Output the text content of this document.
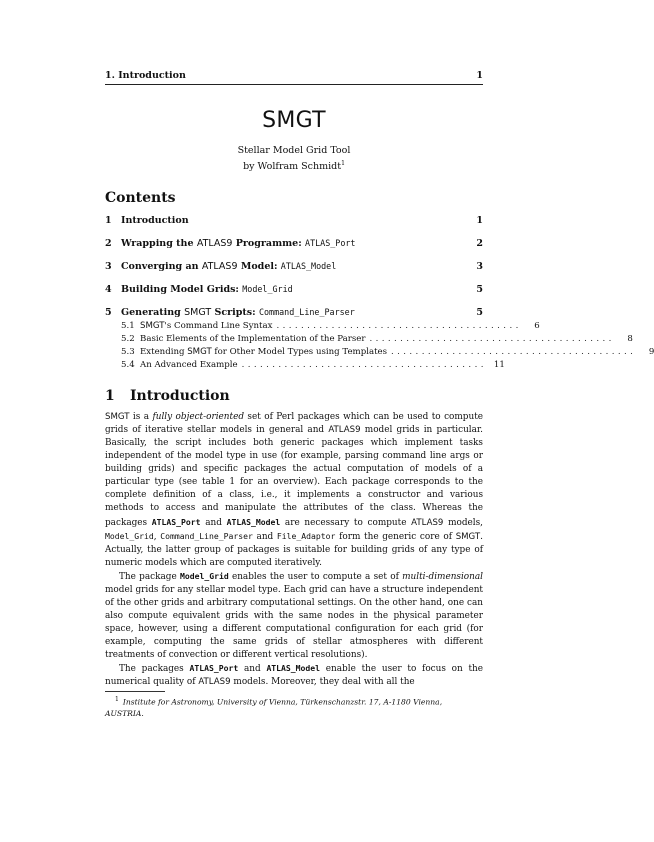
1. Introduction	1
SMGT
Stellar Model Grid Tool
by Wolfram Schmidt$^1$
Contents
1 Introduction	1
2 Wrapping the ATLAS9 Programme: ATLAS_Port	2
3 Converging an ATLAS9 Model: ATLAS_Model	3
4 Building Model Grids: Model_Grid	5
5 Generating SMGT Scripts: Command_Line_Parser	5
5.1 SMGT's Command Line Syntax ........................................	6
5.2 Basic Elements of the Implementation of the Parser ........................................	8
5.3 Extending SMGT for Other Model Types using Templates ........................................	9
5.4 An Advanced Example ........................................ 11
1	Introduction

SMGT is a fully object-oriented set of Perl packages which can be used to compute grids of iterative stellar models in general and ATLAS9 model grids in particular. Basically, the script includes both generic packages which implement tasks independent of the model type in use (for example, parsing command line args or building grids) and specific packages the actual computation of models of a particular type (see table 1 for an overview). Each package corresponds to the complete definition of a class, i.e., it implements a constructor and various methods to access and manipulate the attributes of the class. Whereas the packages ATLAS_Port and ATLAS_Model are necessary to compute ATLAS9 models, Model_Grid, Command_Line_Parser and File_Adaptor form the generic core of SMGT. Actually, the latter group of packages is suitable for building grids of any type of numeric models which are computed iteratively.

The package Model_Grid enables the user to compute a set of multi-dimensional model grids for any stellar model type. Each grid can have a structure independent of the other grids and arbitrary computational settings. On the other hand, one can also compute equivalent grids with the same nodes in the physical parameter space, however, using a different computational configuration for each grid (for example, computing the same grids of stellar atmospheres with different treatments of convection or different vertical resolutions).

The packages ATLAS_Port and ATLAS_Model enable the user to focus on the numerical quality of ATLAS9 models. Moreover, they deal with all the

$^1$ Institute for Astronomy, University of Vienna, Türkenschanzstr. 17, A-1180 Vienna, AUSTRIA.
